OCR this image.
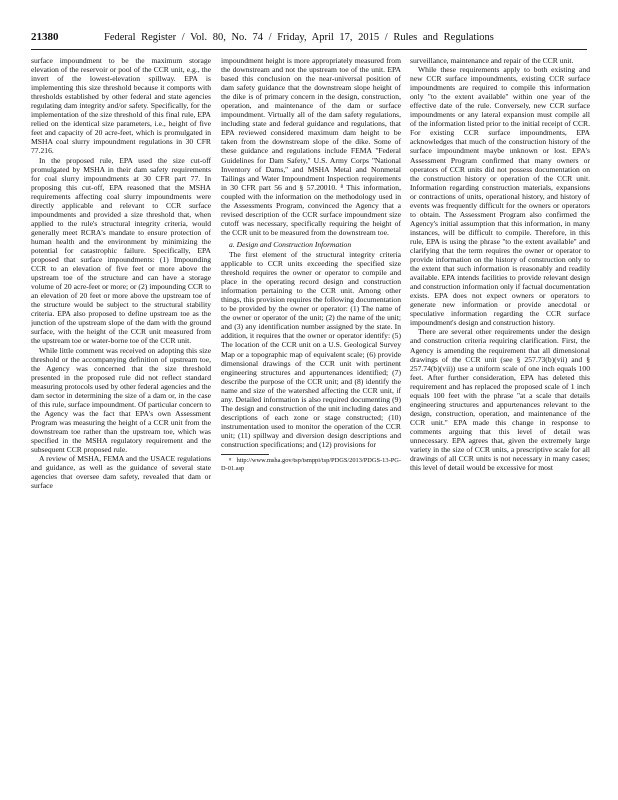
21380	Federal Register / Vol. 80, No. 74 / Friday, April 17, 2015 / Rules and Regulations

surface impoundment to be the maximum storage elevation of the reservoir or pool of the CCR unit, e.g., the invert of the lowest-elevation spillway. EPA is implementing this size threshold because it comports with thresholds established by other federal and state agencies regulating dam integrity and/or safety. Specifically, for the implementation of the size threshold of this final rule, EPA relied on the identical size parameters, i.e., height of five feet and capacity of 20 acre-feet, which is promulgated in MSHA coal slurry impoundment regulations in 30 CFR 77.216.

In the proposed rule, EPA used the size cut-off promulgated by MSHA in their dam safety requirements for coal slurry impoundments at 30 CFR part 77. In proposing this cut-off, EPA reasoned that the MSHA requirements affecting coal slurry impoundments were directly applicable and relevant to CCR surface impoundments and provided a size threshold that, when applied to the rule's structural integrity criteria, would generally meet RCRA's mandate to ensure protection of human health and the environment by minimizing the potential for catastrophic failure. Specifically, EPA proposed that surface impoundments: (1) Impounding CCR to an elevation of five feet or more above the upstream toe of the structure and can have a storage volume of 20 acre-feet or more; or (2) impounding CCR to an elevation of 20 feet or more above the upstream toe of the structure would be subject to the structural stability criteria. EPA also proposed to define upstream toe as the junction of the upstream slope of the dam with the ground surface, with the height of the CCR unit measured from the upstream toe or water-borne toe of the CCR unit.

While little comment was received on adopting this size threshold or the accompanying definition of upstream toe, the Agency was concerned that the size threshold presented in the proposed rule did not reflect standard measuring protocols used by other federal agencies and the dam sector in determining the size of a dam or, in the case of this rule, surface impoundment. Of particular concern to the Agency was the fact that EPA's own Assessment Program was measuring the height of a CCR unit from the downstream toe rather than the upstream toe, which was specified in the MSHA regulatory requirement and the subsequent CCR proposed rule.

A review of MSHA, FEMA and the USACE regulations and guidance, as well as the guidance of several state agencies that oversee dam safety, revealed that dam or surface

impoundment height is more appropriately measured from the downstream and not the upstream toe of the unit. EPA based this conclusion on the near-universal position of dam safety guidance that the downstream slope height of the dike is of primary concern in the design, construction, operation, and maintenance of the dam or surface impoundment. Virtually all of the dam safety regulations, including state and federal guidance and regulations, that EPA reviewed considered maximum dam height to be taken from the downstream slope of the dike. Some of these guidance and regulations include FEMA ''Federal Guidelines for Dam Safety,'' U.S. Army Corps ''National Inventory of Dams,'' and MSHA Metal and Nonmetal Tailings and Water Impoundment Inspection requirements in 30 CFR part 56 and § 57.20010. ⁸ This information, coupled with the information on the methodology used in the Assessments Program, convinced the Agency that a revised description of the CCR surface impoundment size cutoff was necessary, specifically requiring the height of the CCR unit to be measured from the downstream toe.

a. Design and Construction Information

The first element of the structural integrity criteria applicable to CCR units exceeding the specified size threshold requires the owner or operator to compile and place in the operating record design and construction information pertaining to the CCR unit. Among other things, this provision requires the following documentation to be provided by the owner or operator: (1) The name of the owner or operator of the unit; (2) the name of the unit; and (3) any identification number assigned by the state. In addition, it requires that the owner or operator identify: (5) The location of the CCR unit on a U.S. Geological Survey Map or a topographic map of equivalent scale; (6) provide dimensional drawings of the CCR unit with pertinent engineering structures and appurtenances identified; (7) describe the purpose of the CCR unit; and (8) identify the name and size of the watershed affecting the CCR unit, if any. Detailed information is also required documenting (9) The design and construction of the unit including dates and descriptions of each zone or stage constructed; (10) instrumentation used to monitor the operation of the CCR unit; (11) spillway and diversion design descriptions and construction specifications; and (12) provisions for

⁸ http://www.msha.gov/tsp/tsmppi/tsp/PDGS/2013/PDGS-13-PG-D-01.asp

surveillance, maintenance and repair of the CCR unit.

While these requirements apply to both existing and new CCR surface impoundments, existing CCR surface impoundments are required to compile this information only ''to the extent available'' within one year of the effective date of the rule. Conversely, new CCR surface impoundments or any lateral expansion must compile all of the information listed prior to the initial receipt of CCR. For existing CCR surface impoundments, EPA acknowledges that much of the construction history of the surface impoundment maybe unknown or lost. EPA's Assessment Program confirmed that many owners or operators of CCR units did not possess documentation on the construction history or operation of the CCR unit. Information regarding construction materials, expansions or contractions of units, operational history, and history of events was frequently difficult for the owners or operators to obtain. The Assessment Program also confirmed the Agency's initial assumption that this information, in many instances, will be difficult to compile. Therefore, in this rule, EPA is using the phrase ''to the extent available'' and clarifying that the term requires the owner or operator to provide information on the history of construction only to the extent that such information is reasonably and readily available. EPA intends facilities to provide relevant design and construction information only if factual documentation exists. EPA does not expect owners or operators to generate new information or provide anecdotal or speculative information regarding the CCR surface impoundment's design and construction history.

There are several other requirements under the design and construction criteria requiring clarification. First, the Agency is amending the requirement that all dimensional drawings of the CCR unit (see § 257.73(b)(vii) and § 257.74(b)(vii)) use a uniform scale of one inch equals 100 feet. After further consideration, EPA has deleted this requirement and has replaced the proposed scale of 1 inch equals 100 feet with the phrase ''at a scale that details engineering structures and appurtenances relevant to the design, construction, operation, and maintenance of the CCR unit.'' EPA made this change in response to comments arguing that this level of detail was unnecessary. EPA agrees that, given the extremely large variety in the size of CCR units, a prescriptive scale for all drawings of all CCR units is not necessary in many cases; this level of detail would be excessive for most
